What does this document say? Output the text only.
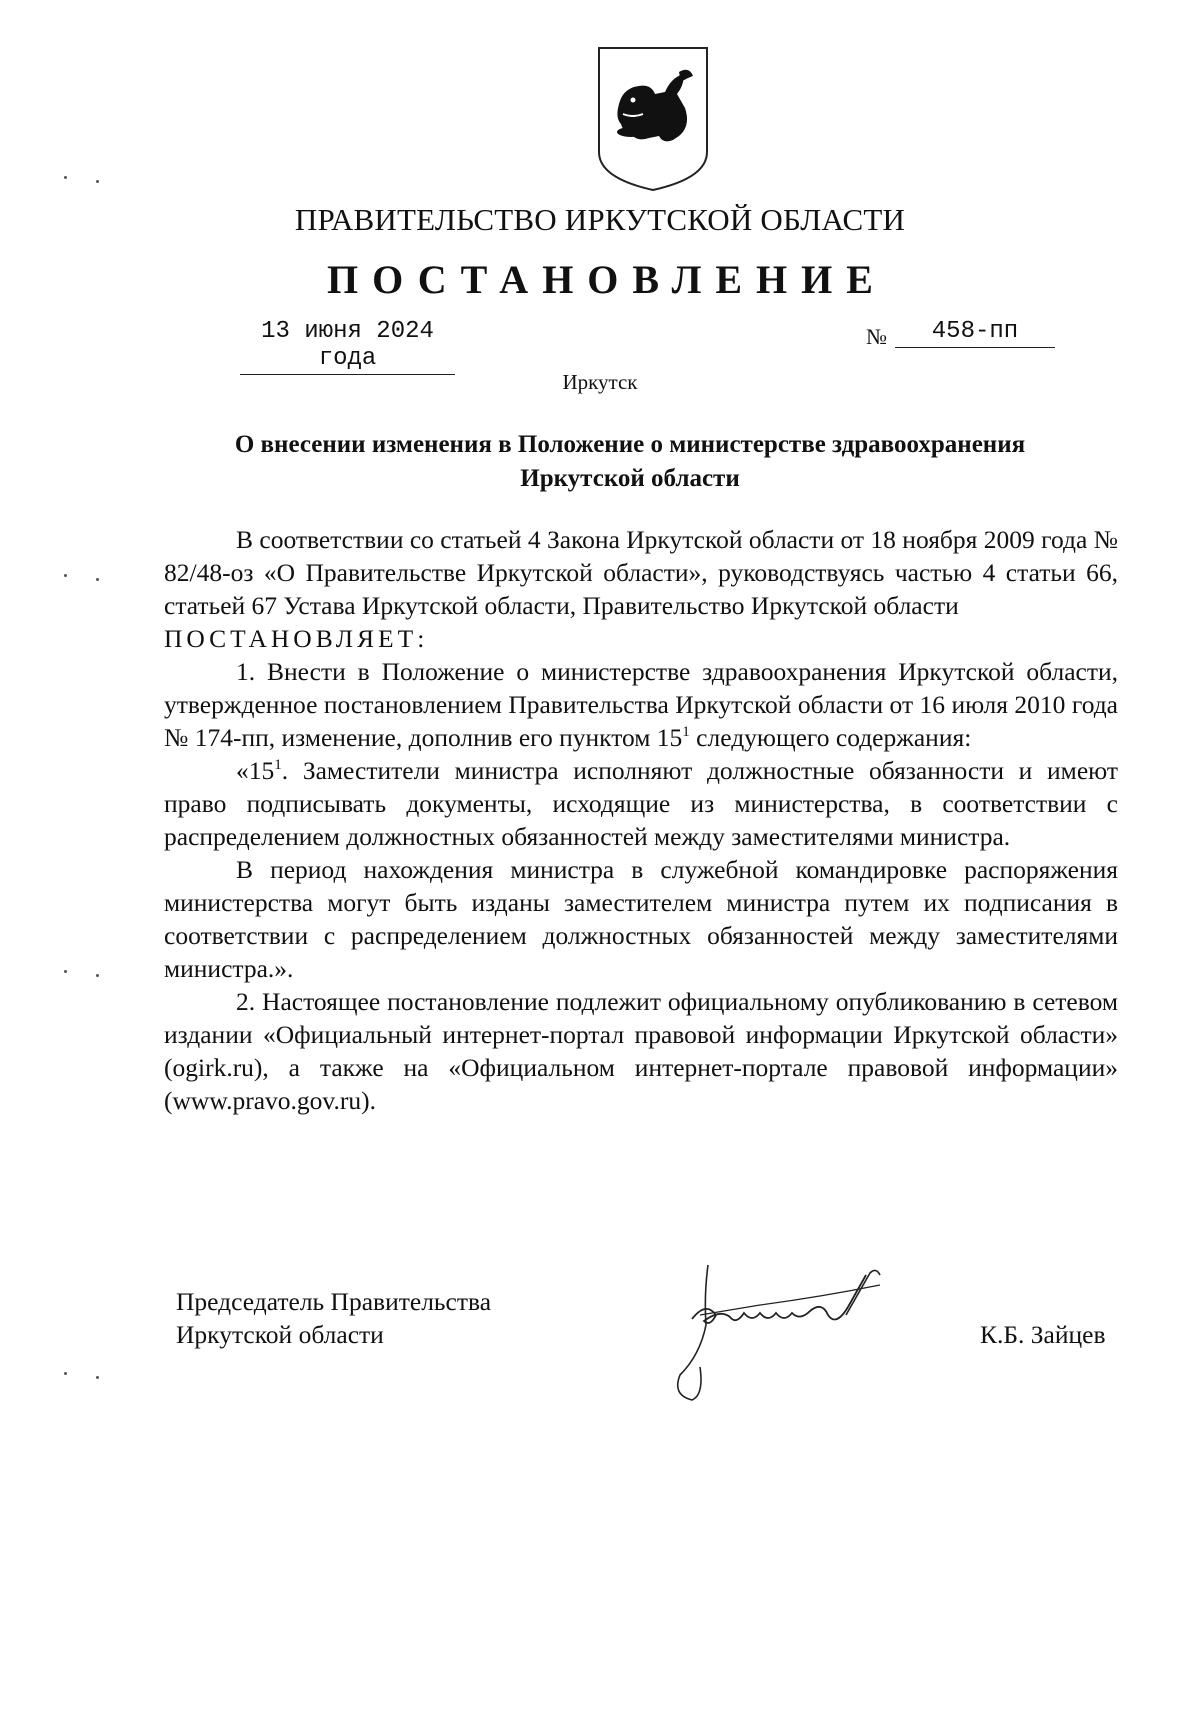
ПРАВИТЕЛЬСТВО ИРКУТСКОЙ ОБЛАСТИ
ПОСТАНОВЛЕНИЕ
13 июня 2024 года
№	458-пп
Иркутск
О внесении изменения в Положение о министерстве здравоохранения
Иркутской области

В соответствии со статьей 4 Закона Иркутской области от 18 ноября 2009 года № 82/48-оз «О Правительстве Иркутской области», руководствуясь частью 4 статьи 66, статьей 67 Устава Иркутской области, Правительство Иркутской области

ПОСТАНОВЛЯЕТ:

1. Внести в Положение о министерстве здравоохранения Иркутской области, утвержденное постановлением Правительства Иркутской области от 16 июля 2010 года № 174-пп, изменение, дополнив его пунктом $15^1$ следующего содержания:

«$15^1$. Заместители министра исполняют должностные обязанности и имеют право подписывать документы, исходящие из министерства, в соответствии с распределением должностных обязанностей между заместителями министра.

В период нахождения министра в служебной командировке распоряжения министерства могут быть изданы заместителем министра путем их подписания в соответствии с распределением должностных обязанностей между заместителями министра.».

2. Настоящее постановление подлежит официальному опубликованию в сетевом издании «Официальный интернет-портал правовой информации Иркутской области» (ogirk.ru), а также на «Официальном интернет-портале правовой информации» (www.pravo.gov.ru).

Председатель Правительства
Иркутской области	К.Б. Зайцев
